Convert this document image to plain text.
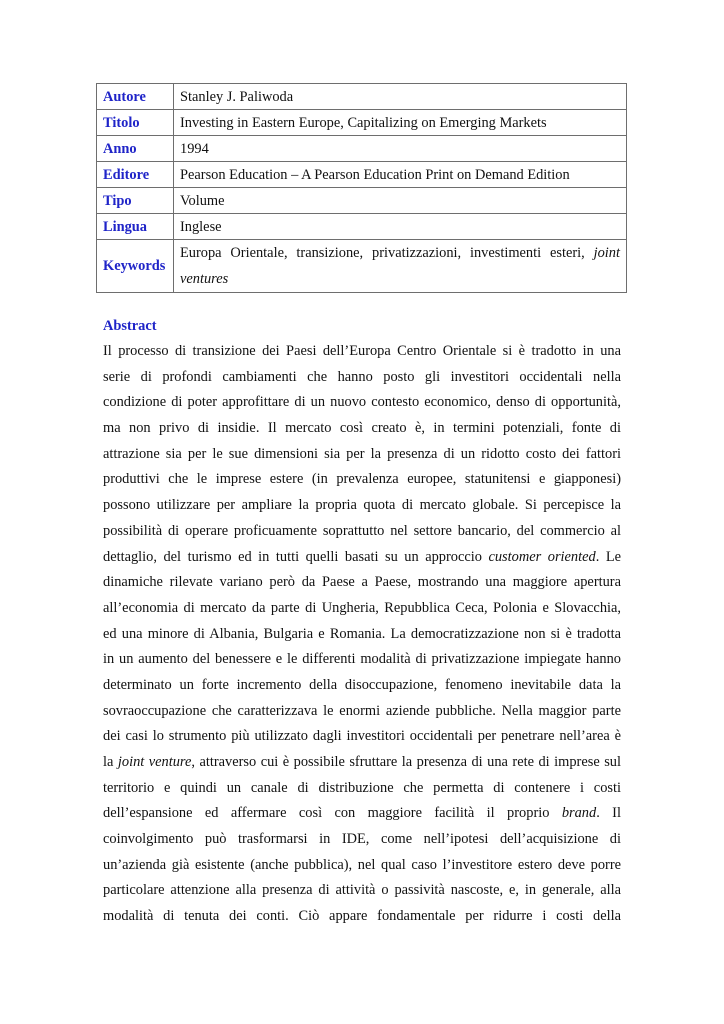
Autore	Stanley J. Paliwoda
Titolo	Investing in Eastern Europe, Capitalizing on Emerging Markets
Anno	1994
Editore	Pearson Education – A Pearson Education Print on Demand Edition
Tipo	Volume
Lingua	Inglese
Keywords	Europa Orientale, transizione, privatizzazioni, investimenti esteri, joint ventures
Abstract
Il processo di transizione dei Paesi dell’Europa Centro Orientale si è tradotto in una
serie di profondi cambiamenti che hanno posto gli investitori occidentali nella
condizione di poter approfittare di un nuovo contesto economico, denso di opportunità,
ma non privo di insidie. Il mercato così creato è, in termini potenziali, fonte di
attrazione sia per le sue dimensioni sia per la presenza di un ridotto costo dei fattori
produttivi che le imprese estere (in prevalenza europee, statunitensi e giapponesi)
possono utilizzare per ampliare la propria quota di mercato globale. Si percepisce la
possibilità di operare proficuamente soprattutto nel settore bancario, del commercio al
dettaglio, del turismo ed in tutti quelli basati su un approccio customer oriented. Le
dinamiche rilevate variano però da Paese a Paese, mostrando una maggiore apertura
all’economia di mercato da parte di Ungheria, Repubblica Ceca, Polonia e Slovacchia,
ed una minore di Albania, Bulgaria e Romania. La democratizzazione non si è tradotta
in un aumento del benessere e le differenti modalità di privatizzazione impiegate hanno
determinato un forte incremento della disoccupazione, fenomeno inevitabile data la
sovraoccupazione che caratterizzava le enormi aziende pubbliche. Nella maggior parte
dei casi lo strumento più utilizzato dagli investitori occidentali per penetrare nell’area è
la joint venture, attraverso cui è possibile sfruttare la presenza di una rete di imprese sul
territorio e quindi un canale di distribuzione che permetta di contenere i costi
dell’espansione ed affermare così con maggiore facilità il proprio brand. Il
coinvolgimento può trasformarsi in IDE, come nell’ipotesi dell’acquisizione di
un’azienda già esistente (anche pubblica), nel qual caso l’investitore estero deve porre
particolare attenzione alla presenza di attività o passività nascoste, e, in generale, alla
modalità di tenuta dei conti. Ciò appare fondamentale per ridurre i costi della
